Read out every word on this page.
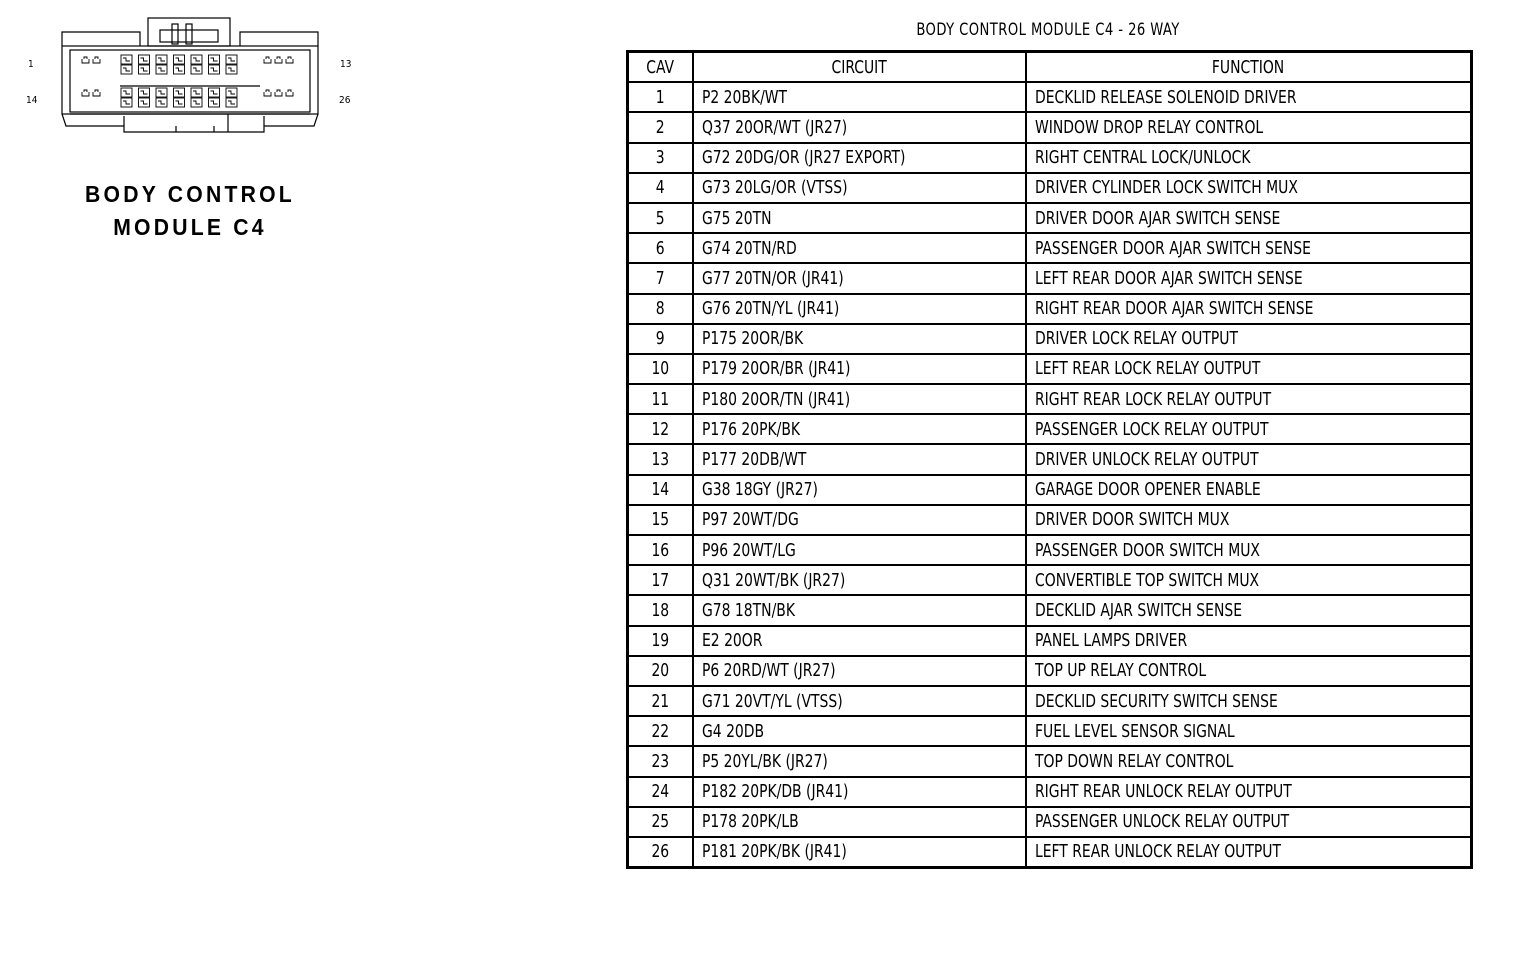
1	13
14	26
BODY CONTROL
MODULE C4
BODY CONTROL MODULE C4 - 26 WAY
CAV	CIRCUIT	FUNCTION
1	P2 20BK/WT	DECKLID RELEASE SOLENOID DRIVER
2	Q37 20OR/WT (JR27)	WINDOW DROP RELAY CONTROL
3	G72 20DG/OR (JR27 EXPORT)	RIGHT CENTRAL LOCK/UNLOCK
4	G73 20LG/OR (VTSS)	DRIVER CYLINDER LOCK SWITCH MUX
5	G75 20TN	DRIVER DOOR AJAR SWITCH SENSE
6	G74 20TN/RD	PASSENGER DOOR AJAR SWITCH SENSE
7	G77 20TN/OR (JR41)	LEFT REAR DOOR AJAR SWITCH SENSE
8	G76 20TN/YL (JR41)	RIGHT REAR DOOR AJAR SWITCH SENSE
9	P175 20OR/BK	DRIVER LOCK RELAY OUTPUT
10	P179 20OR/BR (JR41)	LEFT REAR LOCK RELAY OUTPUT
11	P180 20OR/TN (JR41)	RIGHT REAR LOCK RELAY OUTPUT
12	P176 20PK/BK	PASSENGER LOCK RELAY OUTPUT
13	P177 20DB/WT	DRIVER UNLOCK RELAY OUTPUT
14	G38 18GY (JR27)	GARAGE DOOR OPENER ENABLE
15	P97 20WT/DG	DRIVER DOOR SWITCH MUX
16	P96 20WT/LG	PASSENGER DOOR SWITCH MUX
17	Q31 20WT/BK (JR27)	CONVERTIBLE TOP SWITCH MUX
18	G78 18TN/BK	DECKLID AJAR SWITCH SENSE
19	E2 20OR	PANEL LAMPS DRIVER
20	P6 20RD/WT (JR27)	TOP UP RELAY CONTROL
21	G71 20VT/YL (VTSS)	DECKLID SECURITY SWITCH SENSE
22	G4 20DB	FUEL LEVEL SENSOR SIGNAL
23	P5 20YL/BK (JR27)	TOP DOWN RELAY CONTROL
24	P182 20PK/DB (JR41)	RIGHT REAR UNLOCK RELAY OUTPUT
25	P178 20PK/LB	PASSENGER UNLOCK RELAY OUTPUT
26	P181 20PK/BK (JR41)	LEFT REAR UNLOCK RELAY OUTPUT
